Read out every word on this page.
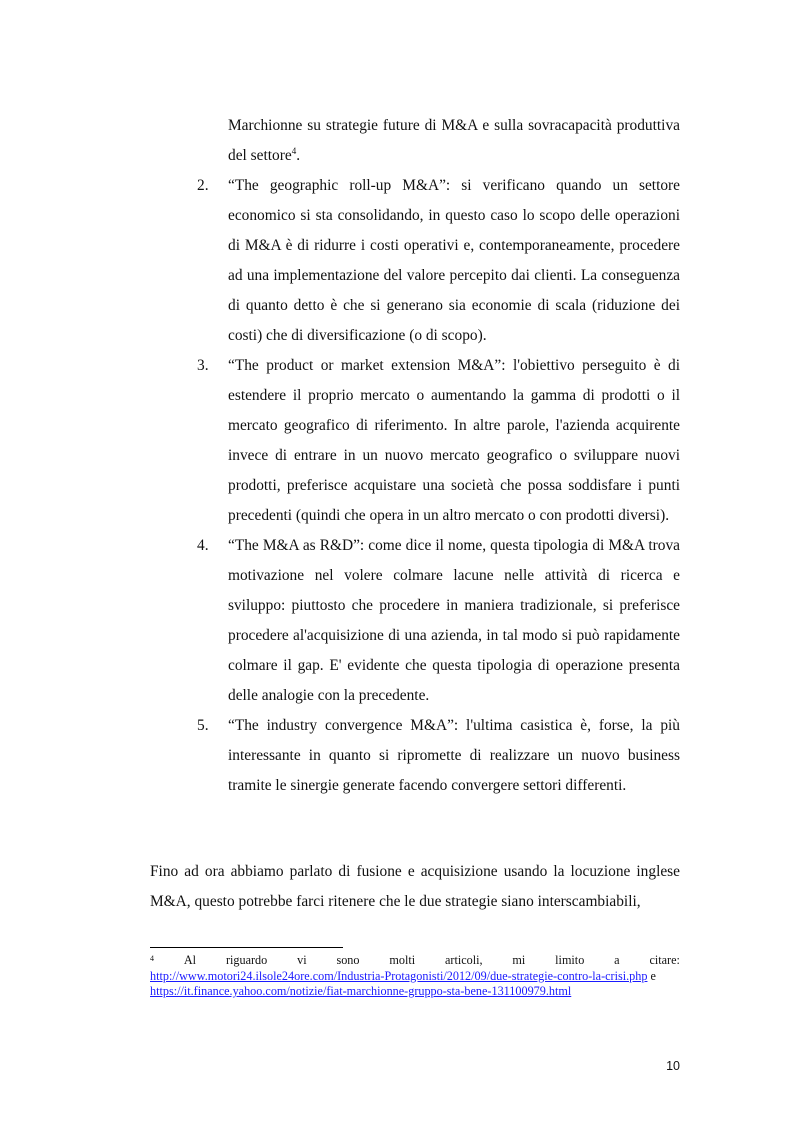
Marchionne su strategie future di M&A e sulla sovracapacità produttiva del settore$^4$.
2. “The geographic roll-up M&A”: si verificano quando un settore economico si sta consolidando, in questo caso lo scopo delle operazioni di M&A è di ridurre i costi operativi e, contemporaneamente, procedere ad una implementazione del valore percepito dai clienti. La conseguenza di quanto detto è che si generano sia economie di scala (riduzione dei costi) che di diversificazione (o di scopo).
3. “The product or market extension M&A”: l'obiettivo perseguito è di estendere il proprio mercato o aumentando la gamma di prodotti o il mercato geografico di riferimento. In altre parole, l'azienda acquirente invece di entrare in un nuovo mercato geografico o sviluppare nuovi prodotti, preferisce acquistare una società che possa soddisfare i punti precedenti (quindi che opera in un altro mercato o con prodotti diversi).
4. “The M&A as R&D”: come dice il nome, questa tipologia di M&A trova motivazione nel volere colmare lacune nelle attività di ricerca e sviluppo: piuttosto che procedere in maniera tradizionale, si preferisce procedere al'acquisizione di una azienda, in tal modo si può rapidamente colmare il gap. E' evidente che questa tipologia di operazione presenta delle analogie con la precedente.
5. “The industry convergence M&A”: l'ultima casistica è, forse, la più interessante in quanto si ripromette di realizzare un nuovo business tramite le sinergie generate facendo convergere settori differenti.

Fino ad ora abbiamo parlato di fusione e acquisizione usando la locuzione inglese M&A, questo potrebbe farci ritenere che le due strategie siano interscambiabili,

$^4$ Al riguardo vi sono molti articoli, mi limito a citare:
http://www.motori24.ilsole24ore.com/Industria-Protagonisti/2012/09/due-strategie-contro-la-crisi.php e https://it.finance.yahoo.com/notizie/fiat-marchionne-gruppo-sta-bene-131100979.html
10
